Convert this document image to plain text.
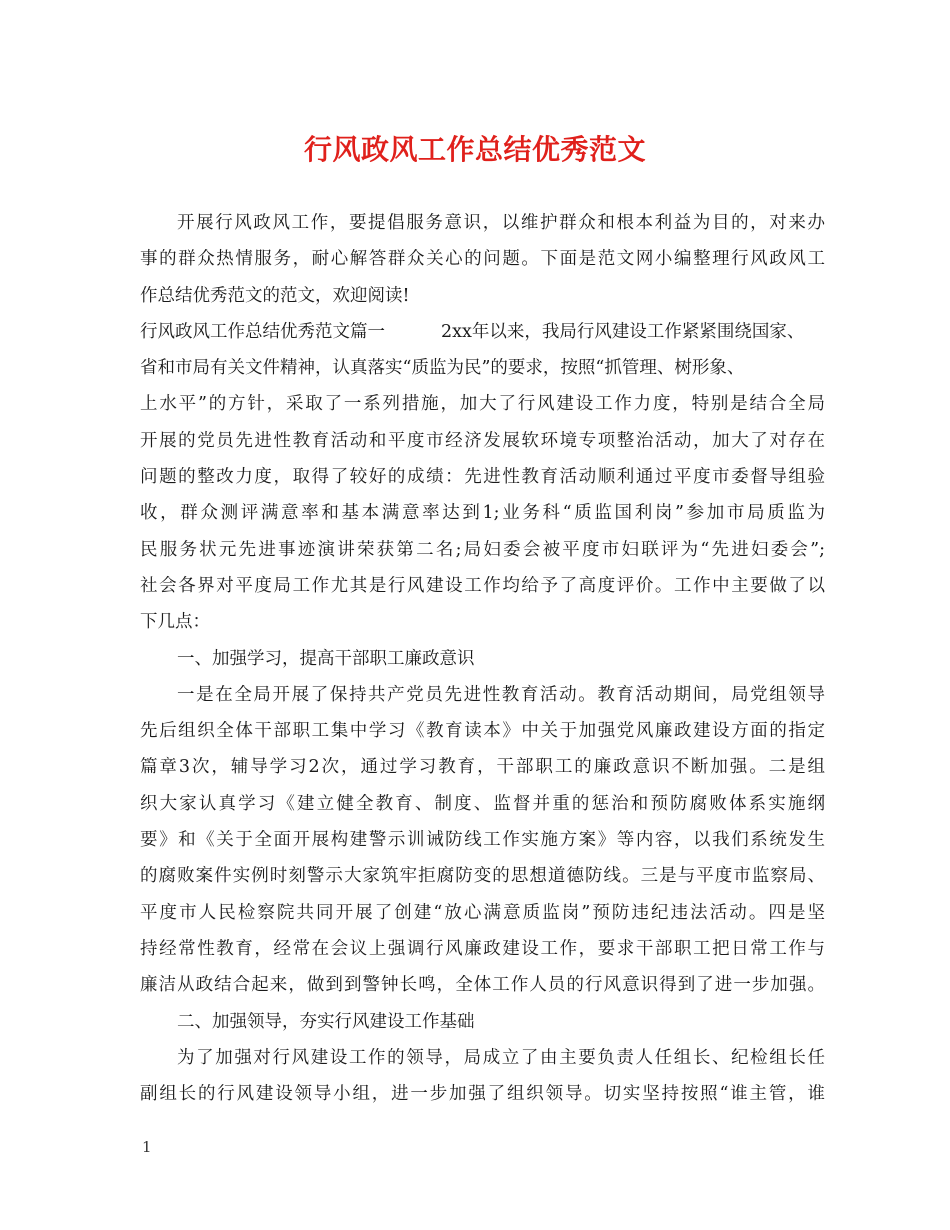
行风政风工作总结优秀范文
开展行风政风工作，要提倡服务意识，以维护群众和根本利益为目的，对来办
事的群众热情服务，耐心解答群众关心的问题。下面是范文网小编整理行风政风工
作总结优秀范文的范文，欢迎阅读!
行风政风工作总结优秀范文篇一	2xx年以来，我局行风建设工作紧紧围绕国家、
省和市局有关文件精神，认真落实“质监为民”的要求，按照“抓管理、树形象、
上水平”的方针，采取了一系列措施，加大了行风建设工作力度，特别是结合全局
开展的党员先进性教育活动和平度市经济发展软环境专项整治活动，加大了对存在
问题的整改力度，取得了较好的成绩：先进性教育活动顺利通过平度市委督导组验
收，群众测评满意率和基本满意率达到1;业务科“质监国利岗”参加市局质监为
民服务状元先进事迹演讲荣获第二名;局妇委会被平度市妇联评为“先进妇委会”;
社会各界对平度局工作尤其是行风建设工作均给予了高度评价。工作中主要做了以
下几点：
一、加强学习，提高干部职工廉政意识
一是在全局开展了保持共产党员先进性教育活动。教育活动期间，局党组领导
先后组织全体干部职工集中学习《教育读本》中关于加强党风廉政建设方面的指定
篇章3次，辅导学习2次，通过学习教育，干部职工的廉政意识不断加强。二是组
织大家认真学习《建立健全教育、制度、监督并重的惩治和预防腐败体系实施纲
要》和《关于全面开展构建警示训诫防线工作实施方案》等内容，以我们系统发生
的腐败案件实例时刻警示大家筑牢拒腐防变的思想道德防线。三是与平度市监察局、
平度市人民检察院共同开展了创建“放心满意质监岗”预防违纪违法活动。四是坚
持经常性教育，经常在会议上强调行风廉政建设工作，要求干部职工把日常工作与
廉洁从政结合起来，做到到警钟长鸣，全体工作人员的行风意识得到了进一步加强。
二、加强领导，夯实行风建设工作基础
为了加强对行风建设工作的领导，局成立了由主要负责人任组长、纪检组长任
副组长的行风建设领导小组，进一步加强了组织领导。切实坚持按照“谁主管，谁
1
